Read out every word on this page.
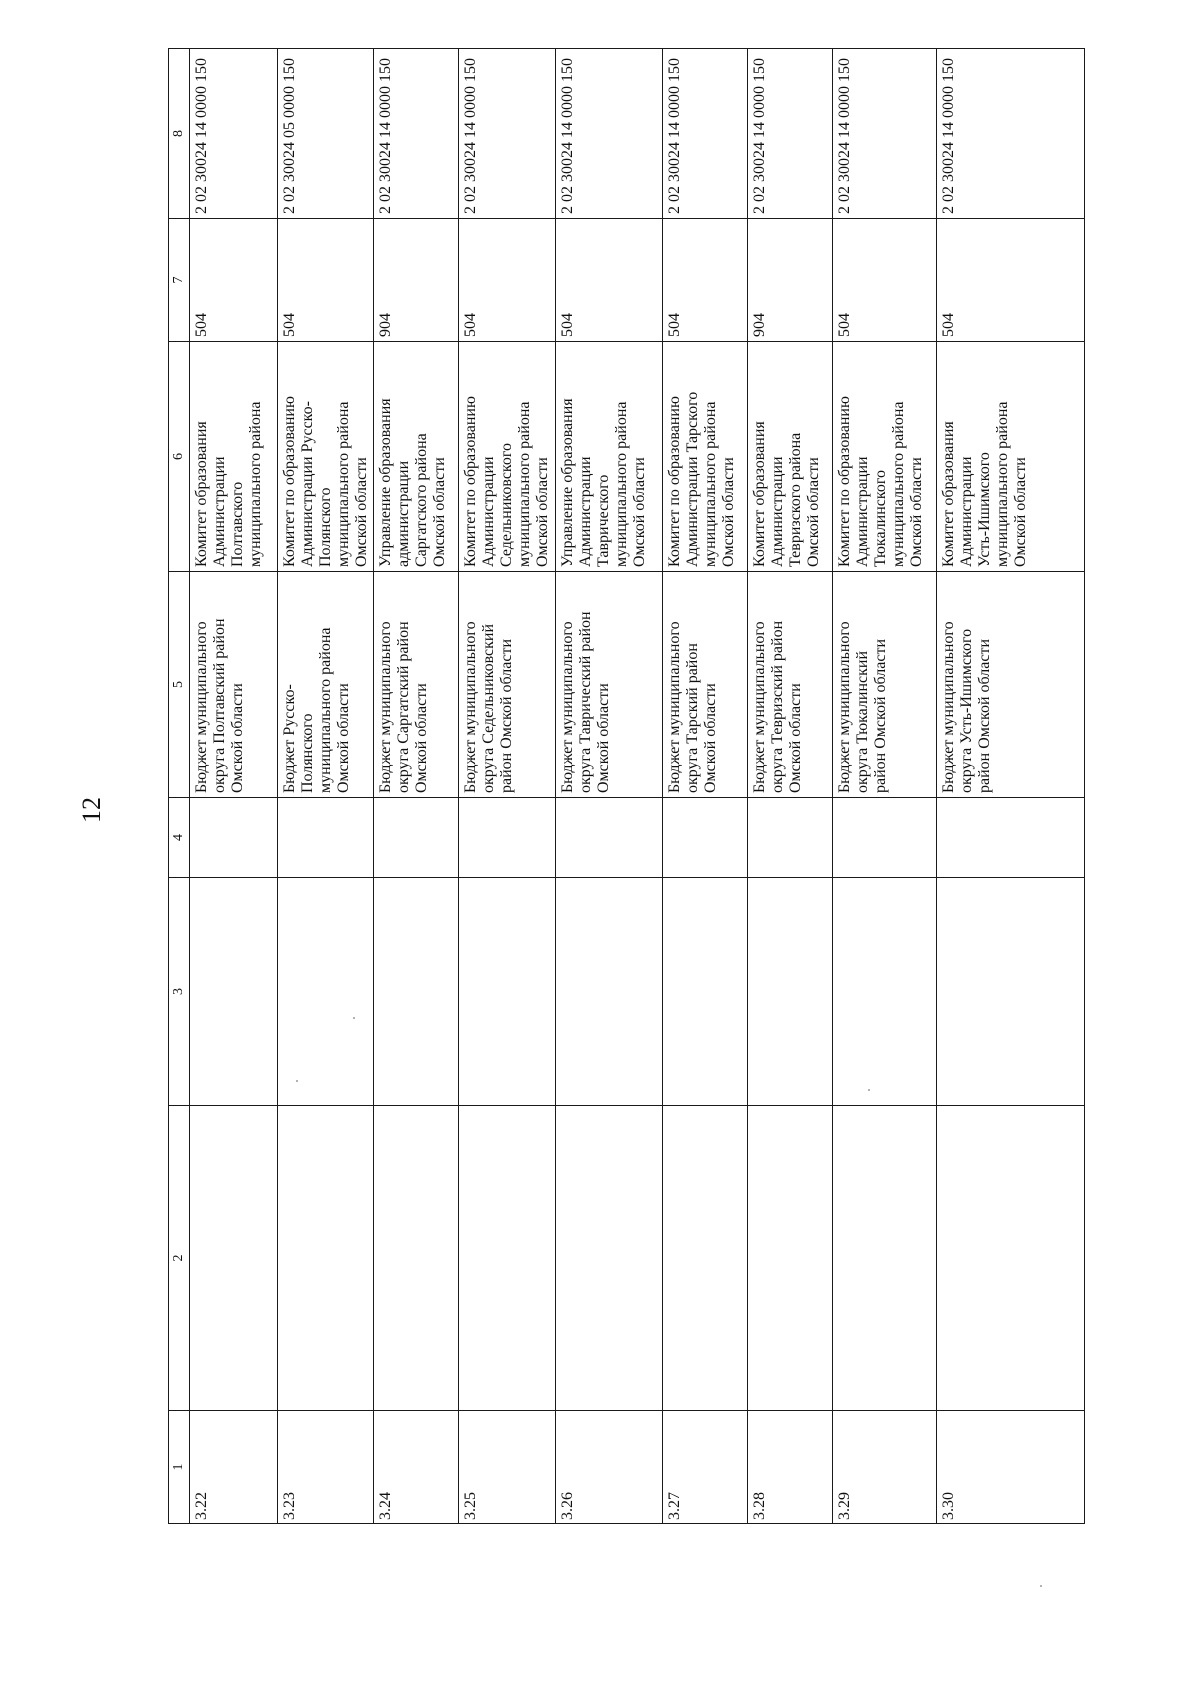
12
1	2	3	4	5	6	7	8
3.22				Бюджет муниципального
округа Полтавский район
Омской области	Комитет образования
Администрации
Полтавского
муниципального района	504	2 02 30024 14 0000 150
3.23				Бюджет Русско-
Полянского
муниципального района
Омской области	Комитет по образованию
Администрации Русско-
Полянского
муниципального района
Омской области	504	2 02 30024 05 0000 150
3.24				Бюджет муниципального
округа Саргатский район
Омской области	Управление образования
администрации
Саргатского района
Омской области	904	2 02 30024 14 0000 150
3.25				Бюджет муниципального
округа Седельниковский
район Омской области	Комитет по образованию
Администрации
Седельниковского
муниципального района
Омской области	504	2 02 30024 14 0000 150
3.26				Бюджет муниципального
округа Таврический район
Омской области	Управление образования
Администрации
Таврического
муниципального района
Омской области	504	2 02 30024 14 0000 150
3.27				Бюджет муниципального
округа Тарский район
Омской области	Комитет по образованию
Администрации Тарского
муниципального района
Омской области	504	2 02 30024 14 0000 150
3.28				Бюджет муниципального
округа Тевризский район
Омской области	Комитет образования
Администрации
Тевризского района
Омской области	904	2 02 30024 14 0000 150
3.29				Бюджет муниципального
округа Тюкалинский
район Омской области	Комитет по образованию
Администрации
Тюкалинского
муниципального района
Омской области	504	2 02 30024 14 0000 150
3.30				Бюджет муниципального
округа Усть-Ишимского
район Омской области	Комитет образования
Администрации
Усть-Ишимского
муниципального района
Омской области	504	2 02 30024 14 0000 150
